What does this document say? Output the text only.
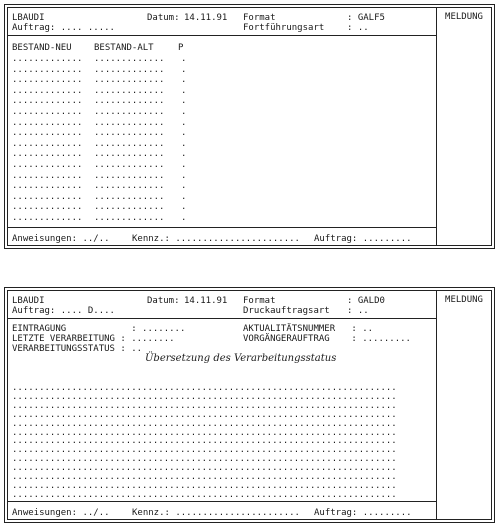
LBAUDI	Datum: 14.11.91 Format	: GALF5
Auftrag: .... .....	Fortführungsart	: ..
BESTAND-NEU BESTAND-ALT	P
............. ............. .
............. ............. .
............. ............. .
............. ............. .
............. ............. .
............. ............. .
............. ............. .
............. ............. .
............. ............. .
............. ............. .
............. ............. .
............. ............. .
............. ............. .
............. ............. .
............. ............. .
............. ............. .
Anweisungen: ../.. Kennz.: ....................... Auftrag: .........
MELDUNG
LBAUDI	Datum: 14.11.91 Format	: GALD0
Auftrag: .... D....	Druckauftragsart : ..
EINTRAGUNG            : ........
LETZTE VERARBEITUNG : ........
VERARBEITUNGSSTATUS : ..
AKTUALITÄTSNUMMER   : ..
VORGÄNGERAUFTRAG    : .........
Übersetzung des Verarbeitungsstatus
.......................................................................
.......................................................................
.......................................................................
.......................................................................
.......................................................................
.......................................................................
.......................................................................
.......................................................................
.......................................................................
.......................................................................
.......................................................................
.......................................................................
.......................................................................
Anweisungen: ../.. Kennz.: ....................... Auftrag: .........
MELDUNG
